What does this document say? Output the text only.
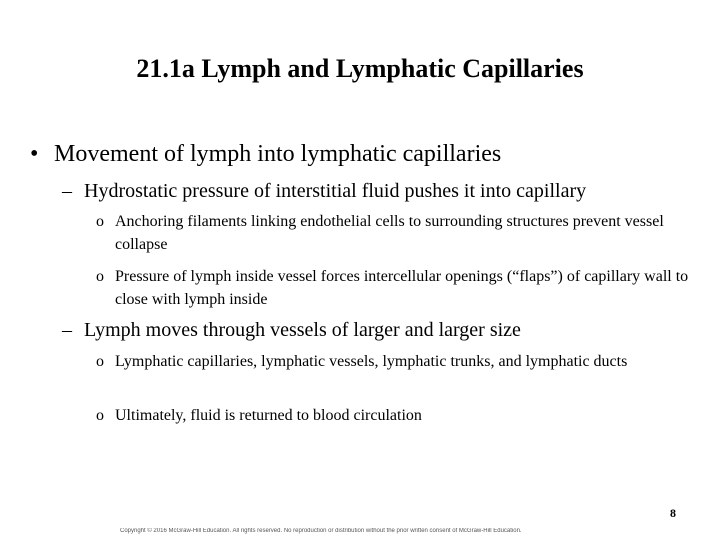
21.1a Lymph and Lymphatic Capillaries
• Movement of lymph into lymphatic capillaries
– Hydrostatic pressure of interstitial fluid pushes it into capillary
o Anchoring filaments linking endothelial cells to surrounding structures prevent vessel collapse
o Pressure of lymph inside vessel forces intercellular openings (“flaps”) of capillary wall to close with lymph inside
– Lymph moves through vessels of larger and larger size
o Lymphatic capillaries, lymphatic vessels, lymphatic trunks, and lymphatic ducts
o Ultimately, fluid is returned to blood circulation
8
Copyright © 2016 McGraw-Hill Education. All rights reserved. No reproduction or distribution without the prior written consent of McGraw-Hill Education.
